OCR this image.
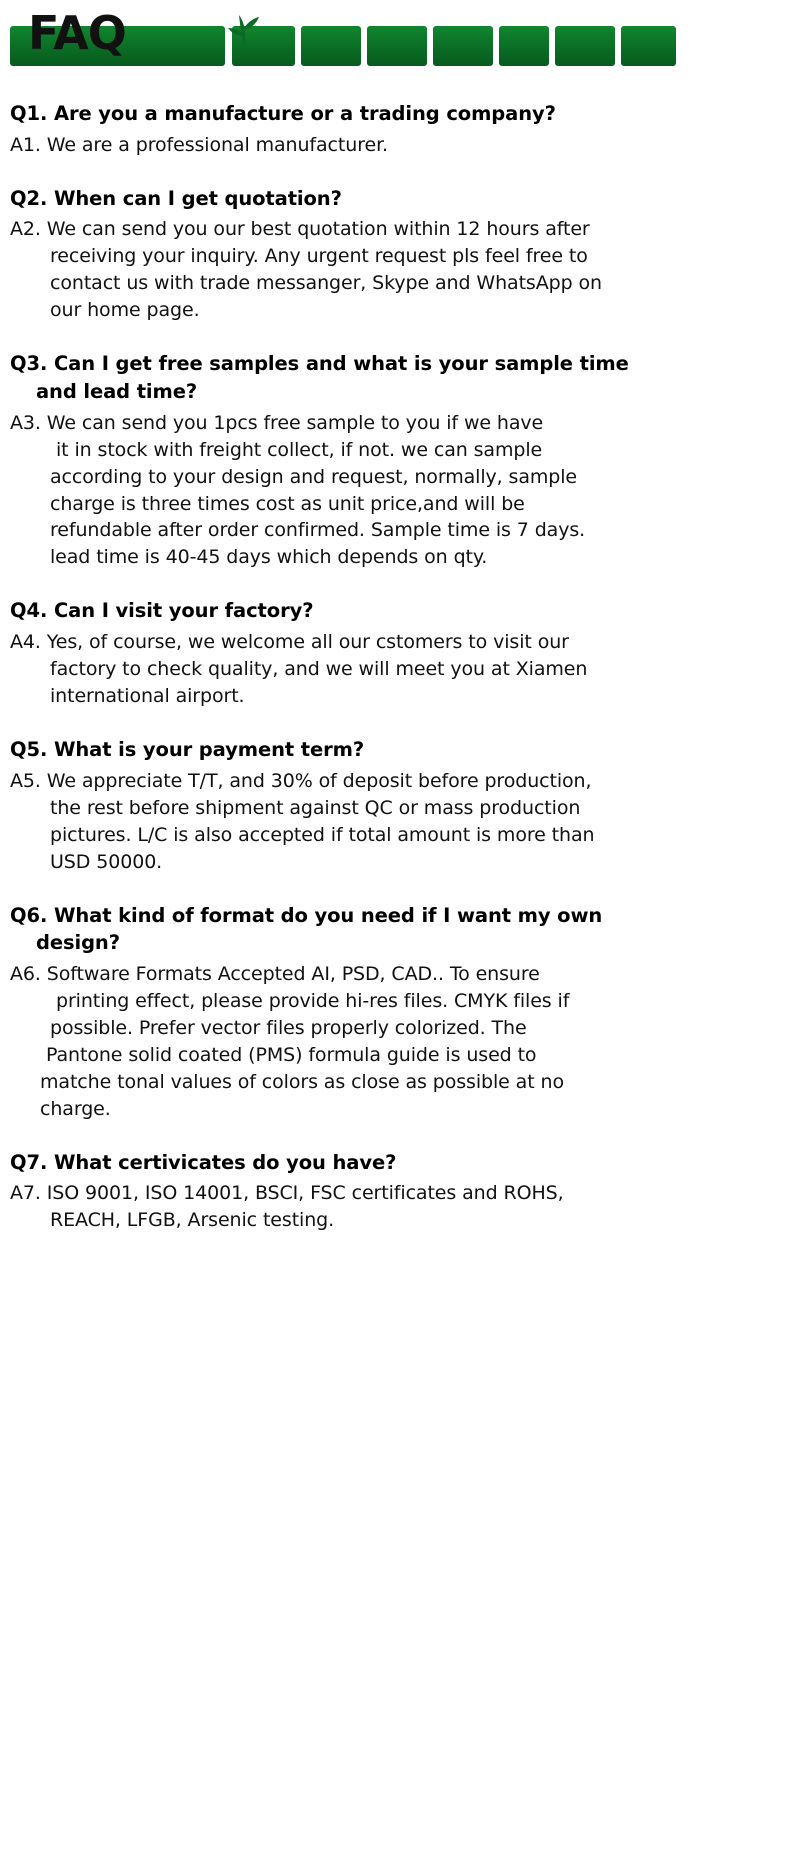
FAQ

Q1. Are you a manufacture or a trading company?

A1. We are a professional manufacturer.

Q2. When can I get quotation?

A2. We can send you our best quotation within 12 hours after
receiving your inquiry. Any urgent request pls feel free to
contact us with trade messanger, Skype and WhatsApp on
our home page.

Q3. Can I get free samples and what is your sample time
and lead time?

A3. We can send you 1pcs free sample to you if we have
it in stock with freight collect, if not. we can sample
according to your design and request, normally, sample
charge is three times cost as unit price,and will be
refundable after order confirmed. Sample time is 7 days.
lead time is 40-45 days which depends on qty.

Q4. Can I visit your factory?

A4. Yes, of course, we welcome all our cstomers to visit our
factory to check quality, and we will meet you at Xiamen
international airport.

Q5. What is your payment term?

A5. We appreciate T/T, and 30% of deposit before production,
the rest before shipment against QC or mass production
pictures. L/C is also accepted if total amount is more than
USD 50000.

Q6. What kind of format do you need if I want my own
design?

A6. Software Formats Accepted AI, PSD, CAD.. To ensure
printing effect, please provide hi-res files. CMYK files if
possible. Prefer vector files properly colorized. The
Pantone solid coated (PMS) formula guide is used to
matche tonal values of colors as close as possible at no
charge.

Q7. What certivicates do you have?

A7. ISO 9001, ISO 14001, BSCI, FSC certificates and ROHS,
REACH, LFGB, Arsenic testing.
